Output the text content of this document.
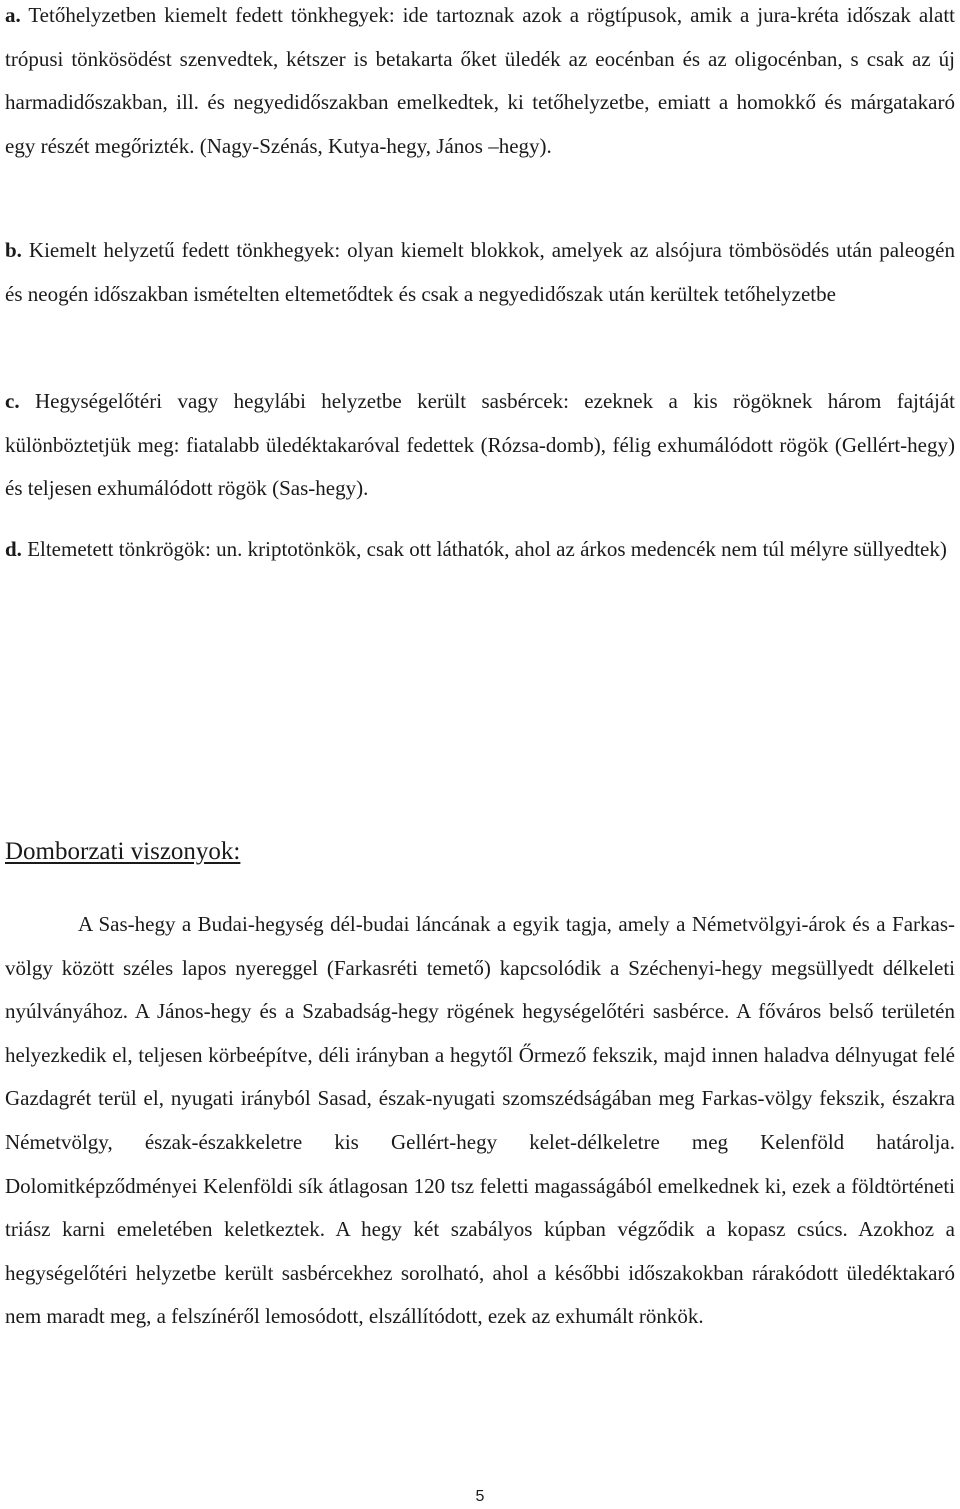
a. Tetőhelyzetben kiemelt fedett tönkhegyek: ide tartoznak azok a rögtípusok, amik a jura-kréta időszak alatt trópusi tönkösödést szenvedtek, kétszer is betakarta őket üledék az eocénban és az oligocénban, s csak az új harmadidőszakban, ill. és negyedidőszakban emelkedtek, ki tetőhelyzetbe, emiatt a homokkő és márgatakaró egy részét megőrizték. (Nagy-Szénás, Kutya-hegy, János –hegy).

b. Kiemelt helyzetű fedett tönkhegyek: olyan kiemelt blokkok, amelyek az alsójura tömbösödés után paleogén és neogén időszakban ismételten eltemetődtek és csak a negyedidőszak után kerültek tetőhelyzetbe

c. Hegységelőtéri vagy hegylábi helyzetbe került sasbércek: ezeknek a kis rögöknek három fajtáját különböztetjük meg: fiatalabb üledéktakaróval fedettek (Rózsa-domb), félig exhumálódott rögök (Gellért-hegy) és teljesen exhumálódott rögök (Sas-hegy).

d. Eltemetett tönkrögök: un. kriptotönkök, csak ott láthatók, ahol az árkos medencék nem túl mélyre süllyedtek)

Domborzati viszonyok:

A Sas-hegy a Budai-hegység dél-budai láncának a egyik tagja, amely a Németvölgyi-árok és a Farkas-völgy között széles lapos nyereggel (Farkasréti temető) kapcsolódik a Széchenyi-hegy megsüllyedt délkeleti nyúlványához. A János-hegy és a Szabadság-hegy rögének hegységelőtéri sasbérce. A főváros belső területén helyezkedik el, teljesen körbeépítve, déli irányban a hegytől Őrmező fekszik, majd innen haladva délnyugat felé Gazdagrét terül el, nyugati irányból Sasad, észak-nyugati szomszédságában meg Farkas-völgy fekszik, északra Németvölgy, észak-északkeletre kis Gellért-hegy kelet-délkeletre meg Kelenföld határolja. Dolomitképződményei Kelenföldi sík átlagosan 120 tsz feletti magasságából emelkednek ki, ezek a földtörténeti triász karni emeletében keletkeztek. A hegy két szabályos kúpban végződik a kopasz csúcs. Azokhoz a hegységelőtéri helyzetbe került sasbércekhez sorolható, ahol a későbbi időszakokban rárakódott üledéktakaró nem maradt meg, a felszínéről lemosódott, elszállítódott, ezek az exhumált rönkök.

5
